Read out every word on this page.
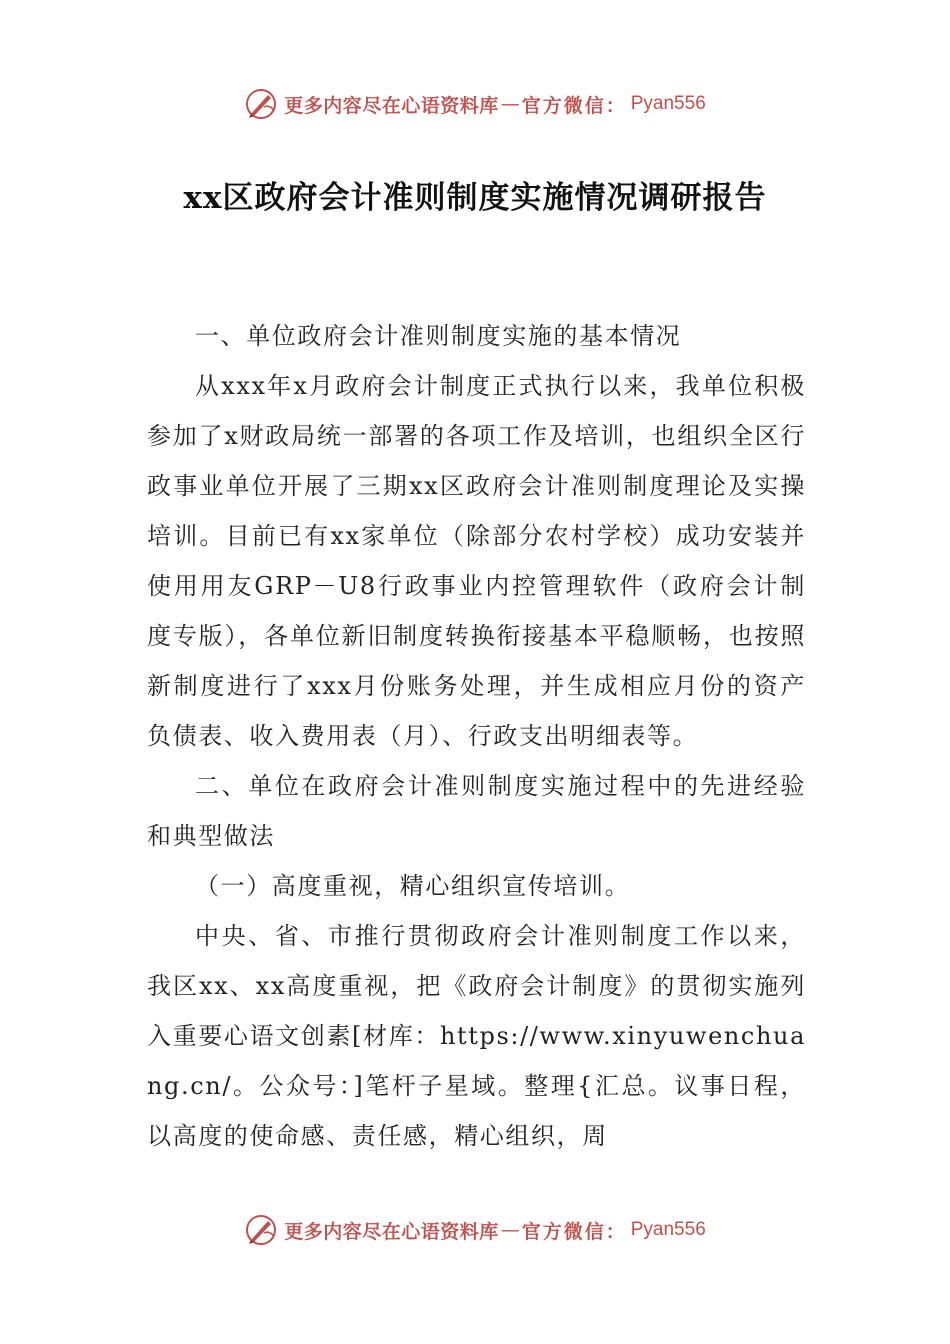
更多内容尽在心语资料库 — 官方微信： Pyan556
xx区政府会计准则制度实施情况调研报告

一、单位政府会计准则制度实施的基本情况

从xxx年x月政府会计制度正式执行以来，我单位积极参加了x财政局统一部署的各项工作及培训，也组织全区行政事业单位开展了三期xx区政府会计准则制度理论及实操培训。目前已有xx家单位（除部分农村学校）成功安装并使用用友GRP－U8行政事业内控管理软件（政府会计制度专版），各单位新旧制度转换衔接基本平稳顺畅，也按照新制度进行了xxx月份账务处理，并生成相应月份的资产负债表、收入费用表（月）、行政支出明细表等。

二、单位在政府会计准则制度实施过程中的先进经验和典型做法

（一）高度重视，精心组织宣传培训。

中央、省、市推行贯彻政府会计准则制度工作以来，我区xx、xx高度重视，把《政府会计制度》的贯彻实施列入重要心语文创素[材库：https://www.xinyuwenchuang.cn/。公众号：]笔杆子星域。整理{汇总。议事日程，以高度的使命感、责任感，精心组织，周

更多内容尽在心语资料库 — 官方微信： Pyan556
